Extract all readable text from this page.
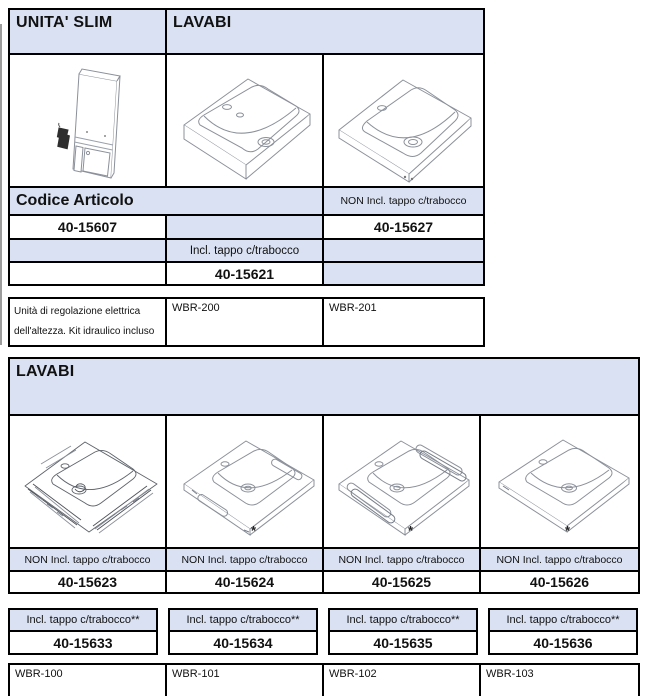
UNITA' SLIM	LAVABI	

Codice Articolo		NON Incl. tappo c/trabocco
40-15607		40-15627
	Incl. tappo c/trabocco	
	40-15621	
Unità di regolazione elettrica
dell'altezza. Kit idraulico incluso	WBR-200	WBR-201
LAVABI			

NON Incl. tappo c/trabocco	NON Incl. tappo c/trabocco	NON Incl. tappo c/trabocco	NON Incl. tappo c/trabocco
40-15623	40-15624	40-15625	40-15626
*	*	*
Incl. tappo c/trabocco**
40-15633
Incl. tappo c/trabocco**
40-15634
Incl. tappo c/trabocco**
40-15635
Incl. tappo c/trabocco**
40-15636
WBR-100	WBR-101	WBR-102	WBR-103
